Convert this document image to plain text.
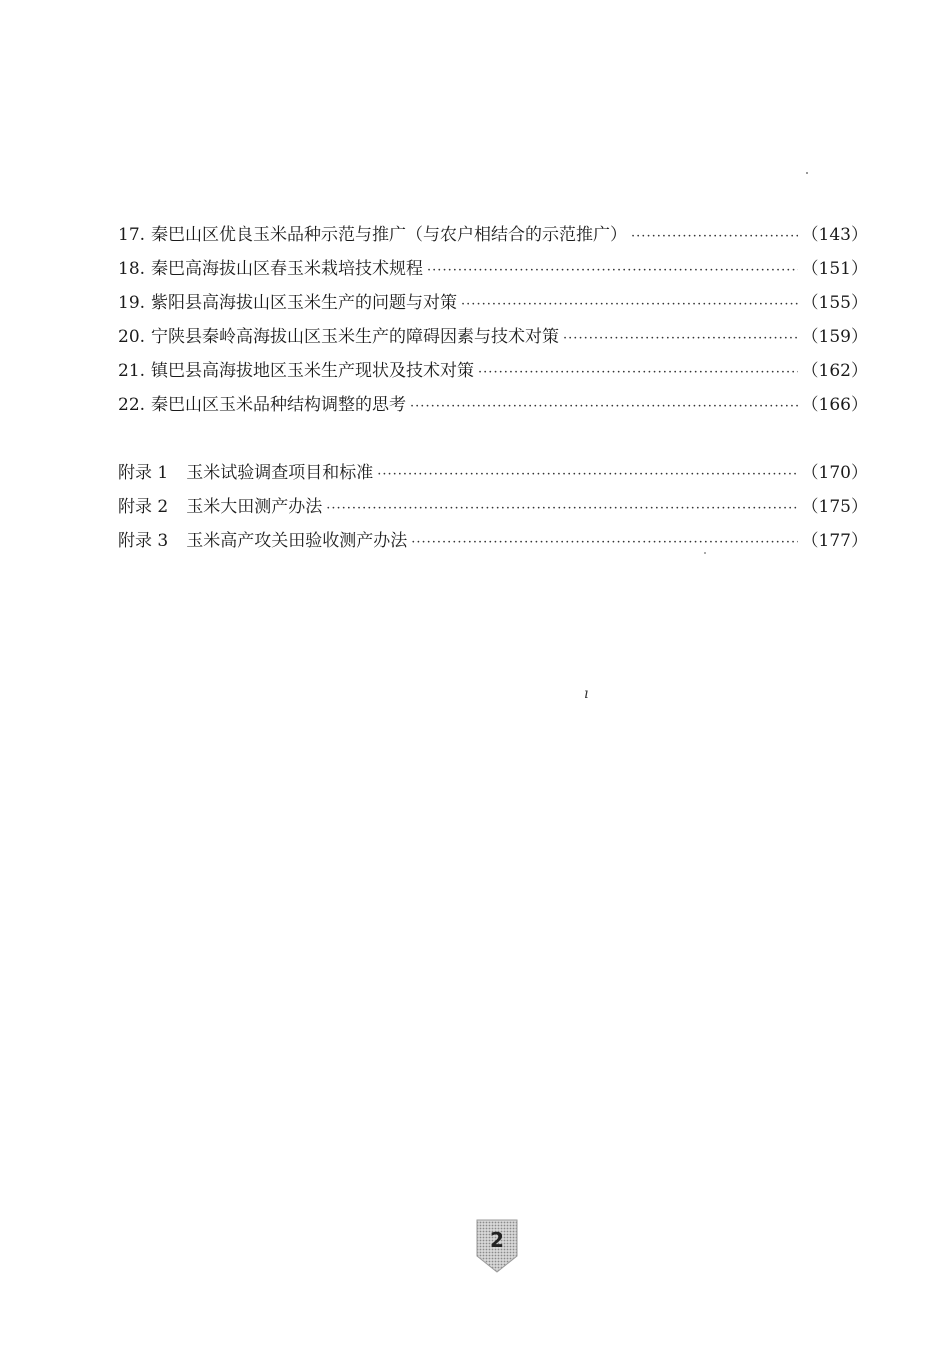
17. 秦巴山区优良玉米品种示范与推广（与农户相结合的示范推广） ·····	（143）
18. 秦巴高海拔山区春玉米栽培技术规程 ·····	（151）
19. 紫阳县高海拔山区玉米生产的问题与对策 ·····	（155）
20. 宁陕县秦岭高海拔山区玉米生产的障碍因素与技术对策 ·····	（159）
21. 镇巴县高海拔地区玉米生产现状及技术对策 ·····	（162）
22. 秦巴山区玉米品种结构调整的思考 ·····	（166）
附录 1 玉米试验调查项目和标准 ·····	（170）
附录 2 玉米大田测产办法 ·····	（175）
附录 3 玉米高产攻关田验收测产办法 ·····	（177）
ı
2
